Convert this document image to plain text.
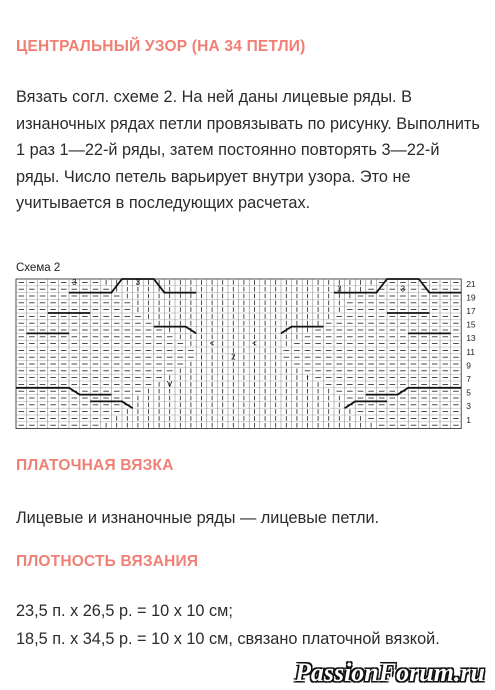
ЦЕНТРАЛЬНЫЙ УЗОР (НА 34 ПЕТЛИ)

Вязать согл. схеме 2. На ней даны лицевые ряды. В изнаночных рядах петли провязывать по рисунку. Выполнить 1 раз 1—22-й ряды, затем постоянно повторять 3—22-й ряды. Число петель варьирует внутри узора. Это не учитывается в последующих расчетах.

Схема 2
3	3
3	3
<	<
2
V
↑
21
19
17
15
13
11
9
7
5
3
1
ПЛАТОЧНАЯ ВЯЗКА

Лицевые и изнаночные ряды — лицевые петли.

ПЛОТНОСТЬ ВЯЗАНИЯ

23,5 п. х 26,5 р. = 10 х 10 см;

18,5 п. х 34,5 р. = 10 х 10 см, связано платочной вязкой.

PassionForum.ru
